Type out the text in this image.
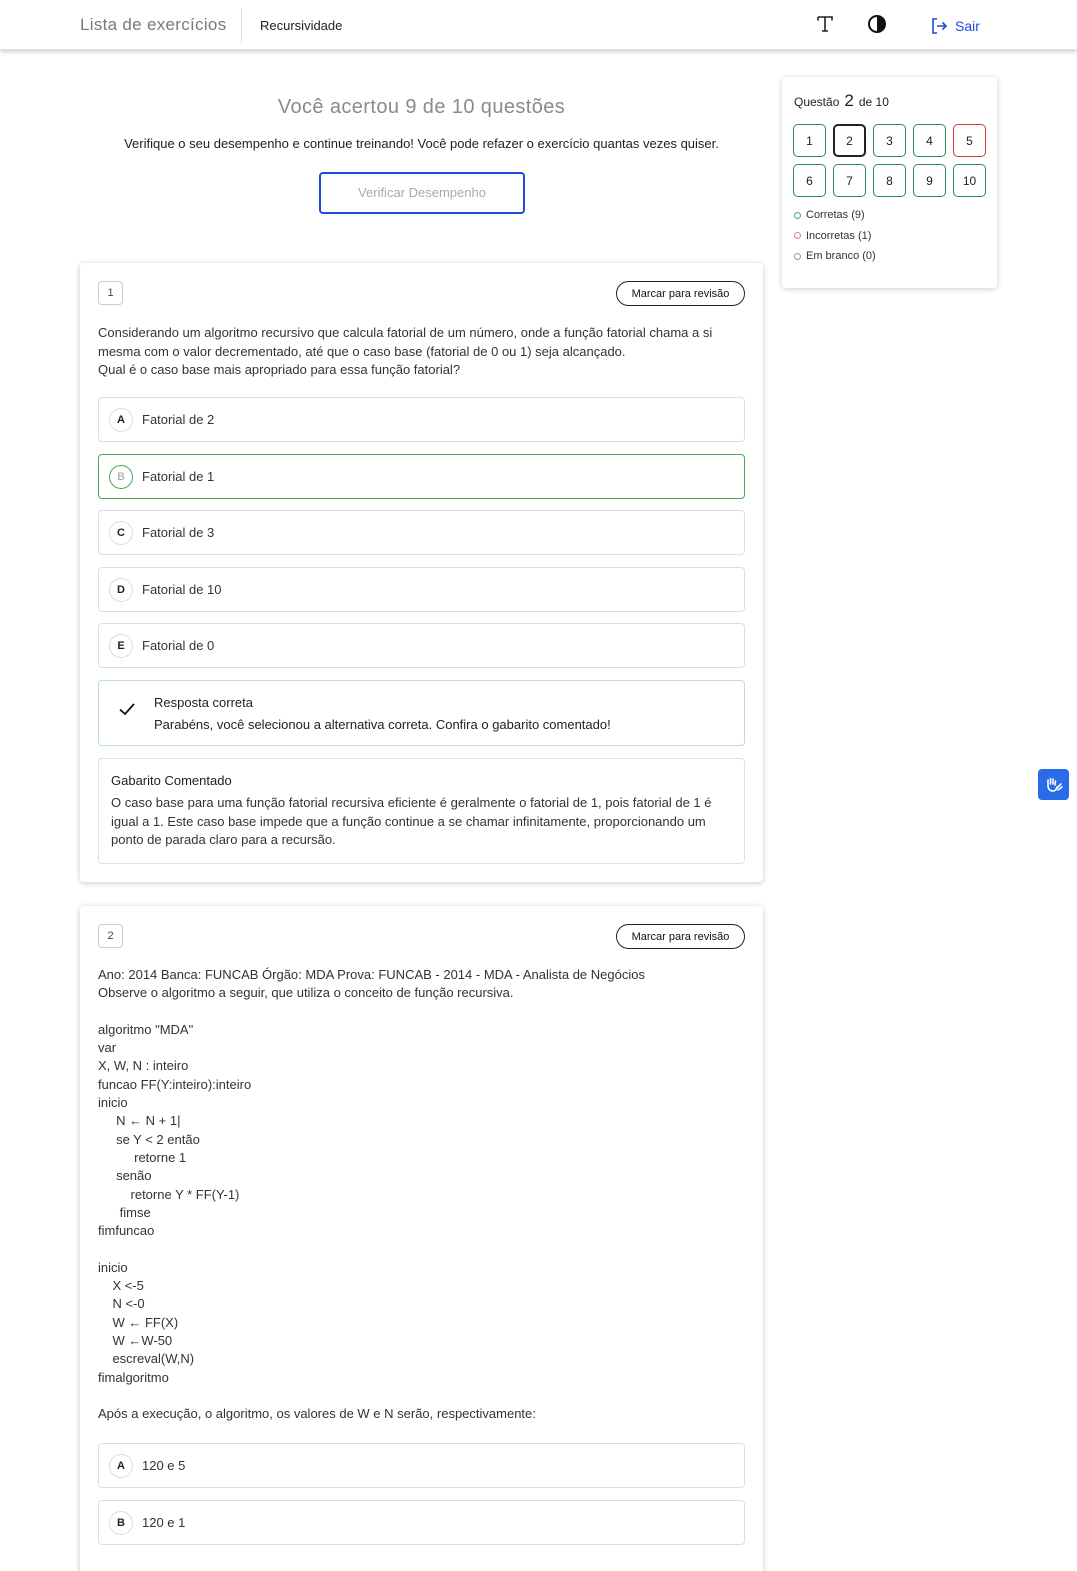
Lista de exercícios	Recursividade	Sair
Você acertou 9 de 10 questões
Verifique o seu desempenho e continue treinando! Você pode refazer o exercício quantas vezes quiser.
Verificar Desempenho
Questão 2 de 10
1	2	3	4	5
6	7	8	9	10
Corretas (9)
Incorretas (1)
Em branco (0)
1	Marcar para revisão
Considerando um algoritmo recursivo que calcula fatorial de um número, onde a função fatorial chama a si mesma com o valor decrementado, até que o caso base (fatorial de 0 ou 1) seja alcançado.
Qual é o caso base mais apropriado para essa função fatorial?
A	Fatorial de 2
B	Fatorial de 1
C	Fatorial de 3
D	Fatorial de 10
E	Fatorial de 0
Resposta correta
Parabéns, você selecionou a alternativa correta. Confira o gabarito comentado!
Gabarito Comentado
O caso base para uma função fatorial recursiva eficiente é geralmente o fatorial de 1, pois fatorial de 1 é igual a 1. Este caso base impede que a função continue a se chamar infinitamente, proporcionando um ponto de parada claro para a recursão.
2	Marcar para revisão
Ano: 2014 Banca: FUNCAB Órgão: MDA Prova: FUNCAB - 2014 - MDA - Analista de Negócios
Observe o algoritmo a seguir, que utiliza o conceito de função recursiva.

algoritmo "MDA"
var
X, W, N : inteiro
funcao FF(Y:inteiro):inteiro
inicio
N ← N + 1|
se Y < 2 então
retorne 1
senão
retorne Y * FF(Y-1)
fimse
fimfuncao

inicio
X <-5
N <-0
W ← FF(X)
W ←W-50
escreval(W,N)
fimalgoritmo

Após a execução, o algoritmo, os valores de W e N serão, respectivamente:
A	120 e 5
B	120 e 1
